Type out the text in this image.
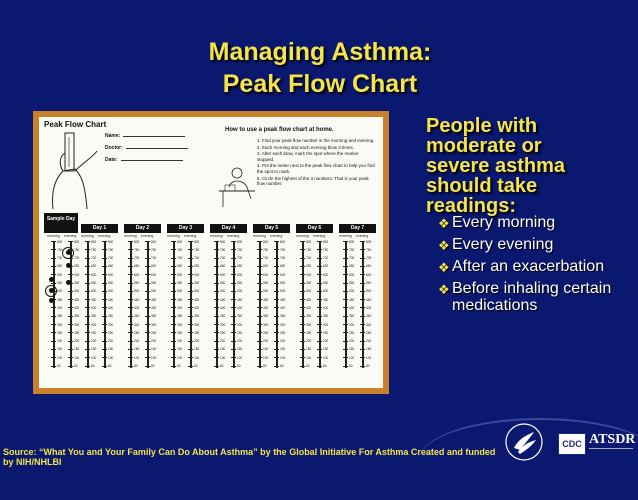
Managing Asthma:
Peak Flow Chart
Peak Flow Chart
Name:
Doctor:
Date:
How to use a peak flow chart at home.
1. Find your peak flow number in the morning and evening.
2. Each morning and each evening blow 3 times.
3. After each blow, mark the spot where the marker stopped.
4. Put the meter next to the peak flow chart to help you find the spot to mark.
5. Circle the highest of the 3 numbers. That is your peak flow number.
Sample Day
Day 1	Day 2	Day 3	Day 4	Day 5	Day 6	Day 7
morning
800
750
700
650
600
550
500
450
400
350
300
250
200
150
100
60
evening
800
750
700
650
600
550
500
450
400
350
300
250
200
150
100
60
morning
800
750
700
650
600
550
500
450
400
350
300
250
200
150
100
60
evening
800
750
700
650
600
550
500
450
400
350
300
250
200
150
100
60
morning
800
750
700
650
600
550
500
450
400
350
300
250
200
150
100
60
evening
800
750
700
650
600
550
500
450
400
350
300
250
200
150
100
60
morning
800
750
700
650
600
550
500
450
400
350
300
250
200
150
100
60
evening
800
750
700
650
600
550
500
450
400
350
300
250
200
150
100
60
morning
800
750
700
650
600
550
500
450
400
350
300
250
200
150
100
60
evening
800
750
700
650
600
550
500
450
400
350
300
250
200
150
100
60
morning
800
750
700
650
600
550
500
450
400
350
300
250
200
150
100
60
evening
800
750
700
650
600
550
500
450
400
350
300
250
200
150
100
60
morning
800
750
700
650
600
550
500
450
400
350
300
250
200
150
100
60
evening
800
750
700
650
600
550
500
450
400
350
300
250
200
150
100
60
morning
800
750
700
650
600
550
500
450
400
350
300
250
200
150
100
60
evening
800
750
700
650
600
550
500
450
400
350
300
250
200
150
100
60
People with moderate or severe asthma should take readings:
❖ Every morning
❖ Every evening
❖ After an exacerbation
❖ Before inhaling certain medications
CDC ATSDR
Source: “What You and Your Family Can Do About Asthma” by the Global Initiative For Asthma Created and funded by NIH/NHLBI
